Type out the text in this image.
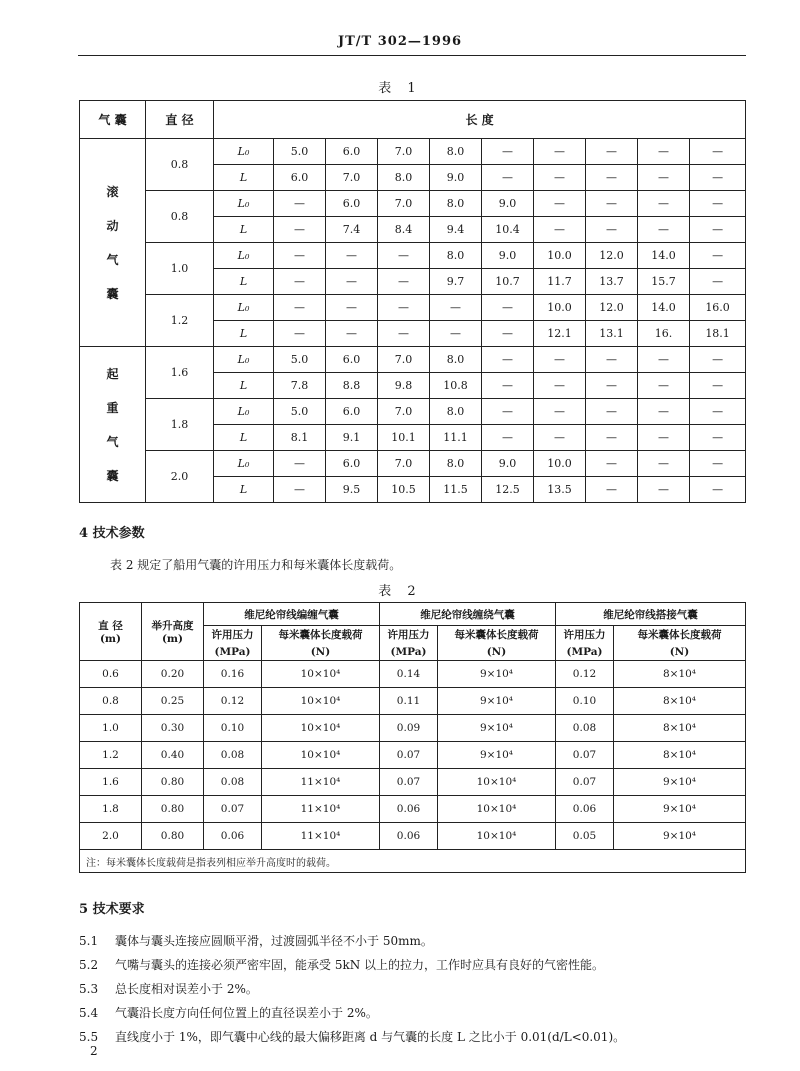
JT/T 302—1996
表 1
气 囊	直 径	长 度									
滚动气囊	0.8	L₀	5.0	6.0	7.0	8.0	—	—	—	—	—
		L	6.0	7.0	8.0	9.0	—	—	—	—	—
	0.8	L₀	—	6.0	7.0	8.0	9.0	—	—	—	—
		L	—	7.4	8.4	9.4	10.4	—	—	—	—
	1.0	L₀	—	—	—	8.0	9.0	10.0	12.0	14.0	—
		L	—	—	—	9.7	10.7	11.7	13.7	15.7	—
	1.2	L₀	—	—	—	—	—	10.0	12.0	14.0	16.0
		L	—	—	—	—	—	12.1	13.1	16.	18.1
起重气囊	1.6	L₀	5.0	6.0	7.0	8.0	—	—	—	—	—
		L	7.8	8.8	9.8	10.8	—	—	—	—	—
	1.8	L₀	5.0	6.0	7.0	8.0	—	—	—	—	—
		L	8.1	9.1	10.1	11.1	—	—	—	—	—
	2.0	L₀	—	6.0	7.0	8.0	9.0	10.0	—	—	—
		L	—	9.5	10.5	11.5	12.5	13.5	—	—	—
4 技术参数
表 2 规定了船用气囊的许用压力和每米囊体长度载荷。
表 2
直 径
(m)	举升高度
(m)	维尼纶帘线编缠气囊		维尼纶帘线缠绕气囊		维尼纶帘线搭接气囊	
		许用压力	每米囊体长度载荷	许用压力	每米囊体长度载荷	许用压力	每米囊体长度载荷
		(MPa)	(N)	(MPa)	(N)	(MPa)	(N)
0.6	0.20	0.16	10×10⁴	0.14	9×10⁴	0.12	8×10⁴
0.8	0.25	0.12	10×10⁴	0.11	9×10⁴	0.10	8×10⁴
1.0	0.30	0.10	10×10⁴	0.09	9×10⁴	0.08	8×10⁴
1.2	0.40	0.08	10×10⁴	0.07	9×10⁴	0.07	8×10⁴
1.6	0.80	0.08	11×10⁴	0.07	10×10⁴	0.07	9×10⁴
1.8	0.80	0.07	11×10⁴	0.06	10×10⁴	0.06	9×10⁴
2.0	0.80	0.06	11×10⁴	0.06	10×10⁴	0.05	9×10⁴
注：每米囊体长度载荷是指表列相应举升高度时的载荷。							
5 技术要求
5.1 囊体与囊头连接应圆顺平滑，过渡圆弧半径不小于 50mm。
5.2 气嘴与囊头的连接必须严密牢固，能承受 5kN 以上的拉力，工作时应具有良好的气密性能。
5.3 总长度相对误差小于 2%。
5.4 气囊沿长度方向任何位置上的直径误差小于 2%。
5.5 直线度小于 1%，即气囊中心线的最大偏移距离 d 与气囊的长度 L 之比小于 0.01(d/L<0.01)。
2
